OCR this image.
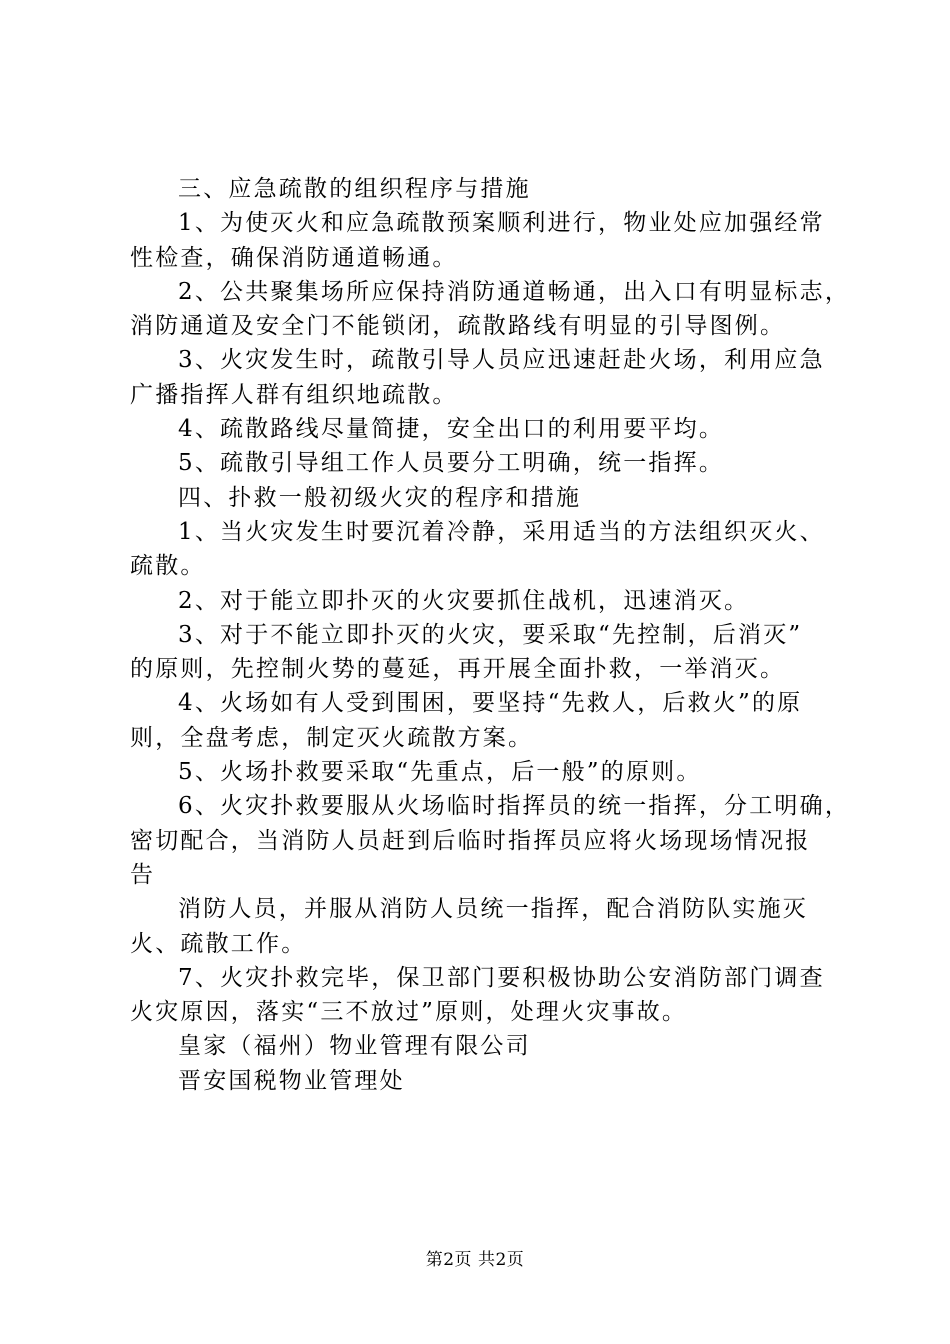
三、应急疏散的组织程序与措施
1、为使灭火和应急疏散预案顺利进行，物业处应加强经常
性检查，确保消防通道畅通。
2、公共聚集场所应保持消防通道畅通，出入口有明显标志，
消防通道及安全门不能锁闭，疏散路线有明显的引导图例。
3、火灾发生时，疏散引导人员应迅速赶赴火场，利用应急
广播指挥人群有组织地疏散。
4、疏散路线尽量简捷，安全出口的利用要平均。
5、疏散引导组工作人员要分工明确，统一指挥。
四、扑救一般初级火灾的程序和措施
1、当火灾发生时要沉着冷静，采用适当的方法组织灭火、
疏散。
2、对于能立即扑灭的火灾要抓住战机，迅速消灭。
3、对于不能立即扑灭的火灾，要采取“先控制，后消灭”
的原则，先控制火势的蔓延，再开展全面扑救，一举消灭。
4、火场如有人受到围困，要坚持“先救人，后救火”的原
则，全盘考虑，制定灭火疏散方案。
5、火场扑救要采取“先重点，后一般”的原则。
6、火灾扑救要服从火场临时指挥员的统一指挥，分工明确，
密切配合，当消防人员赶到后临时指挥员应将火场现场情况报
告
消防人员，并服从消防人员统一指挥，配合消防队实施灭
火、疏散工作。
7、火灾扑救完毕，保卫部门要积极协助公安消防部门调查
火灾原因，落实“三不放过”原则，处理火灾事故。
皇家（福州）物业管理有限公司
晋安国税物业管理处
第2页 共2页
